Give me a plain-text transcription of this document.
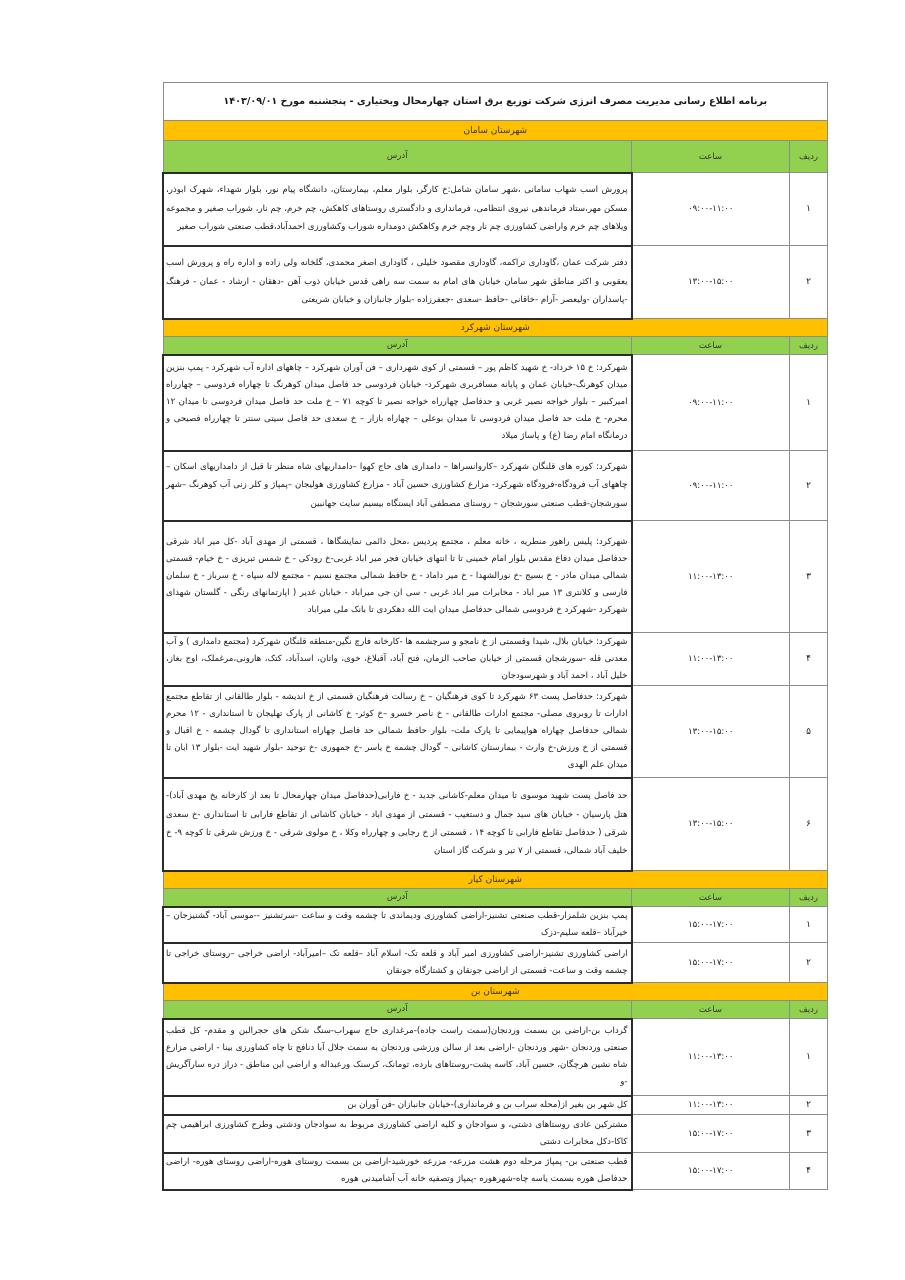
برنامه اطلاع رسانی مدیریت مصرف انرژی شرکت توزیع برق استان چهارمحال وبختیاری - پنجشنبه مورخ ۱۴۰۳/۰۹/۰۱		
شهرستان سامان		
ردیف	ساعت	آدرس
۱	۰۹:۰۰-۱۱:۰۰	پرورش اسب شهاب سامانی ،شهر سامان شامل:خ کارگر، بلوار معلم، بیمارستان، دانشگاه پیام نور، بلوار شهداء، شهرک ابوذر، مسکن مهر،ستاد فرماندهی نیروی انتظامی، فرمانداری و دادگستری روستاهای کاهکش، چم خرم، چم نار، شوراب صغیر و مجموعه ویلاهای چم خرم واراضی کشاورزی چم نار وچم خرم وکاهکش دومداره شوراب وکشاورزی احمدآباد،قطب صنعتی شوراب صغیر
۲	۱۳:۰۰-۱۵:۰۰	دفتر شرکت عمان ،گاوداری تراکمه، گاوداری مقصود خلیلی ، گاوداری اصغر محمدی، گلخانه ولی زاده و اداره راه و پرورش اسب یعقوبی و اکثر مناطق شهر سامان خیابان های امام به سمت سه راهی قدس خیابان ذوب آهن -دهقان - ارشاد - عمان - فرهنگ -پاسداران -ولیعصر -آرام -خاقانی -حافظ -سعدی -جعفرزاده -بلوار جانبازان و خیابان شریعتی
شهرستان شهرکرد		
ردیف	ساعت	آدرس
۱	۰۹:۰۰-۱۱:۰۰	شهرکرد: خ ۱۵ خرداد- خ شهید کاظم پور – قسمتی از کوی شهرداری – فن آوران شهرکرد – چاههای اداره آب شهرکرد - پمپ بنزین میدان کوهرنگ-خیابان عمان و پایانه مسافربری شهرکرد- خیابان فردوسی حد فاصل میدان کوهرنگ تا چهاراه فردوسی – چهارراه امیرکبیر – بلوار خواجه نصیر غربی و حدفاصل چهارراه خواجه نصیر تا کوچه ۷۱ – خ ملت حد فاصل میدان فردوسی تا میدان ۱۲ محرم- خ ملت حد فاصل میدان فردوسی تا میدان بوعلی – چهاراه بازار – خ سعدی حد فاصل سیتی سنتر تا چهارراه فصیحی و درمانگاه امام رضا (ع) و پاساژ میلاد
۲	۰۹:۰۰-۱۱:۰۰	شهرکرد: کوره های قلنگان شهرکرد –کاروانسراها – دامداری های حاج کهوا –دامداریهای شاه منظر تا قبل از دامداریهای اسکان –چاههای آب فرودگاه-فرودگاه شهرکرد- مزارع کشاورزی حسین آباد - مزارع کشاورزی هولیجان –پمپاژ و کلر زنی آب کوهرنگ –شهر سورشجان-قطب صنعتی سورشجان – روستای مصطفی آباد ایستگاه بیسیم سایت جهانبین
۳	۱۱:۰۰-۱۳:۰۰	شهرکرد: پلیس راهور منطریه ، خانه معلم ، مجتمع پردیس ،محل دائمی نمایشگاها ، قسمتی از مهدی آباد -کل میر اباد شرقی حدفاصل میدان دفاع مقدس بلوار امام خمینی تا تا انتهای خیابان فجر میر اباد غربی-خ رودکی - خ شمس تبریزی - خ خیام- قسمتی شمالی میدان مادر - خ بسیج -خ نورالشهدا - خ میر داماد - خ حافظ شمالی مجتمع نسیم - مجتمع لاله سپاه - خ سرباز - خ سلمان فارسی و کلانتری ۱۳ میر اباد - مخابرات میر اباد غربی - سی ان جی میراباد - خیابان غدیر ( اپارتمانهای رنگی - گلستان شهدای شهرکرد -شهرکرد خ فردوسی شمالی حدفاصل میدان ایت الله دهکردی تا بانک ملی میراباد
۴	۱۱:۰۰-۱۳:۰۰	شهرکرد: خیابان بلال، شیدا وقسمتی از خ نامجو و سرچشمه ها -کارخانه فارچ نگین-منطقه قلنگان شهرکرد (مجتمع دامداری ) و آب معدنی قله -سورشجان قسمتی از خیابان صاحب الزمان، فتح آباد، آقبلاغ، خوی، واتان، اسدآباد، کتک، هارونی،مرغملک، اوج بغاز، خلیل آباد ، احمد آباد و شهرسودجان
۵	۱۳:۰۰-۱۵:۰۰	شهرکرد: حدفاصل پست ۶۳ شهرکرد تا کوی فرهنگیان – خ رسالت فرهنگیان قسمتی از خ اندیشه - بلوار طالقانی از تقاطع مجتمع ادارات تا روبروی مصلی- مجتمع ادارات طالقانی - خ ناصر خسرو –خ کوثر- خ کاشانی از پارک تهلیجان تا استانداری - ۱۲ محرم شمالی حدفاصل چهاراه هواپیمایی تا پارک ملت- بلوار حافظ شمالی حد فاصل چهاراه استانداری تا گودال چشمه - خ اقبال و قسمتی از خ ورزش-خ وارث - بیمارستان کاشانی – گودال چشمه خ یاسر -خ جمهوری -خ توحید -بلوار شهید ایت -بلوار ۱۳ ابان تا میدان علم الهدی
۶	۱۳:۰۰-۱۵:۰۰	حد فاصل پست شهید موسوی تا میدان معلم-کاشانی جدید - خ فارابی(حدفاصل میدان چهارمحال تا بعد از کارخانه یخ مهدی آباد)-هتل پارسیان - خیابان های سید جمال و دستغیب - قسمتی از مهدی اباد - خیابان کاشانی از تقاطع فارابی تا استانداری -خ سعدی شرقی ( حدفاصل تقاطع فارابی تا کوچه ۱۴ ، قسمتی از خ رجایی و چهارراه وکلا ، خ مولوی شرقی - خ ورزش شرقی تا کوچه ۹- خ خلیف آباد شمالی، قسمتی از ۷ تیر و شرکت گاز استان
شهرستان کیار		
ردیف	ساعت	آدرس
۱	۱۵:۰۰-۱۷:۰۰	پمپ بنزین شلمزار-قطب صنعتی تشنیز-اراضی کشاورزی ودیماندی تا چشمه وقت و ساعت -سرتشنیز --موسی آباد- گشنیزجان –خیرآباد –قلعه سلیم-دزک
۲	۱۵:۰۰-۱۷:۰۰	اراضی کشاورزی تشنیز-اراضی کشاورزی امیر آباد و قلعه تک- اسلام آباد –قلعه تک –امیرآباد- اراضی خراجی –روستای خراجی تا چشمه وقت و ساعت- قسمتی از اراضی جونقان و کشتارگاه جونقان
شهرستان بن		
ردیف	ساعت	آدرس
۱	۱۱:۰۰-۱۳:۰۰	گرداب بن-اراضی بن بسمت وردنجان(سمت راست جاده)-مرغداری حاج سهراب-سنگ شکن های حجرالبن و مقدم- کل قطب صنعتی وردنجان -شهر وردنجان -اراضی بعد از سالن ورزشی وردنجان به سمت جلال آبا دنافج تا چاه کشاورزی بینا - اراضی مزارع شاه نشین هرچگان، حسین آباد، کاسه پشت-روستاهای بارده، تومانک، کرسنک ورعبداله و اراضی این مناطق - دراز دره سارآگریش -و
۲	۱۱:۰۰-۱۳:۰۰	کل شهر بن بغیر از(محله سراب بن و فرمانداری)-خیابان جانبازان -فن آوران بن
۳	۱۵:۰۰-۱۷:۰۰	مشترکین عادی روستاهای دشتی، و سوادجان و کلیه اراضی کشاورزی مربوط به سوادجان ودشتی وطرح کشاورزی ابراهیمی چم کاکا-دکل مخابرات دشتی
۴	۱۵:۰۰-۱۷:۰۰	قطب صنعتی بن- پمپاژ مرحله دوم هشت مزرعه- مزرعه خورشید-اراضی بن بسمت روستای هوره-اراضی روستای هوره- اراضی حدفاصل هوره بسمت یاسه چاه-شهرهوره -پمپاژ وتصفیه خانه آب آشامیدنی هوره
